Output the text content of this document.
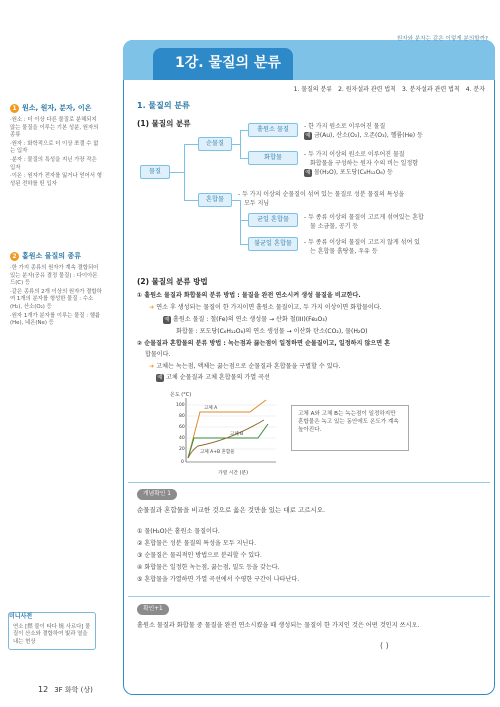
1 원소, 원자, 분자, 이온

·원소 : 더 이상 다른 물질로 분해되지 않는 물질을 이루는 기본 성분, 원자의 종류

·원자 : 화학적으로 더 이상 쪼갤 수 없는 입자

·분자 : 물질의 특성을 지닌 가장 작은 입자

·이온 : 원자가 전자를 잃거나 얻어서 형성된 전하를 띤 입자

2 홑원소 물질의 종류

·한 가지 종류의 원자가 계속 결합되어 있는 분자(공유 결정 물질) : 다이아몬드(C) 등

·같은 종류의 2개 이상의 원자가 결합하여 1개의 분자를 형성한 물질 : 수소(H₂), 산소(O₂) 등

·원자 1개가 분자를 이루는 물질 : 헬륨(He), 네온(Ne) 등

미니사전
연소 [燃 불이 타다 燒 사르다] 물질이 산소와 결합하여 빛과 열을 내는 현상
12 3F 화학 (상)
1강. 물질의 분류
원자와 분자는 같은 이렇게 분의할까?
1. 물질의 분류 2. 원자설과 관련 법칙 3. 분자설과 관련 법칙 4. 분자
1. 물질의 분류
(1) 물질의 분류
물질
순물질
홑원소 물질
화합물
혼합물
균일 혼합물
불균일 혼합물
- 한 가지 원소로 이루어진 물질
예 금(Au), 산소(O₂), 오존(O₃), 헬륨(He) 등
- 두 가지 이상의 원소로 이루어진 물질
화합물을 구성하는 원자 수의 비는 일정함
예 물(H₂O), 포도당(C₆H₁₂O₆) 등
- 두 가지 이상의 순물질이 섞여 있는 물질로 성분 물질의 특성을
모두 지님
- 두 종류 이상의 물질이 고르게 섞여있는 혼합
물 소금물, 공기 등
- 두 종류 이상의 물질이 고르지 않게 섞여 있
는 혼합물 흙탕물, 우유 등
(2) 물질의 분류 방법
① 홑원소 물질과 화합물의 분류 방법 : 물질을 완전 연소시켜 생성 물질을 비교한다.
➜ 연소 후 생성되는 물질이 한 가지이면 홑원소 물질이고, 두 가지 이상이면 화합물이다.
예 홑원소 물질 : 철(Fe)의 연소 생성물 → 산화 철(III)(Fe₂O₃)
화합물 : 포도당(C₆H₁₂O₆)의 연소 생성물 → 이산화 탄소(CO₂), 물(H₂O)
② 순물질과 혼합물의 분류 방법 : 녹는점과 끓는점이 일정하면 순물질이고, 일정하지 않으면 혼
합물이다.
➜ 고체는 녹는점, 액체는 끓는점으로 순물질과 혼합물을 구별할 수 있다.
예 고체 순물질과 고체 혼합물의 가열 곡선
온도 (°C)
100
80
60
40
20
0
고체 A
고체 B
고체 A+B 혼합물
가열 시간 (분)
고체 A와 고체 B는 녹는점이 일정하지만 혼합물은 녹고 있는 동안에도 온도가 계속 높아진다.
개념확인 1
순물질과 혼합물을 비교한 것으로 옳은 것만을 있는 대로 고르시오.
① 물(H₂O)은 홑원소 물질이다.
② 혼합물은 성분 물질의 특성을 모두 지닌다.
③ 순물질은 물리적인 방법으로 분리할 수 있다.
④ 화합물은 일정한 녹는점, 끓는점, 밀도 등을 갖는다.
⑤ 혼합물을 가열하면 가열 곡선에서 수평한 구간이 나타난다.
확인+1
홑원소 물질과 화합물 중 물질을 완전 연소시켰을 때 생성되는 물질이 한 가지인 것은 어떤 것인지 쓰시오.
( )
